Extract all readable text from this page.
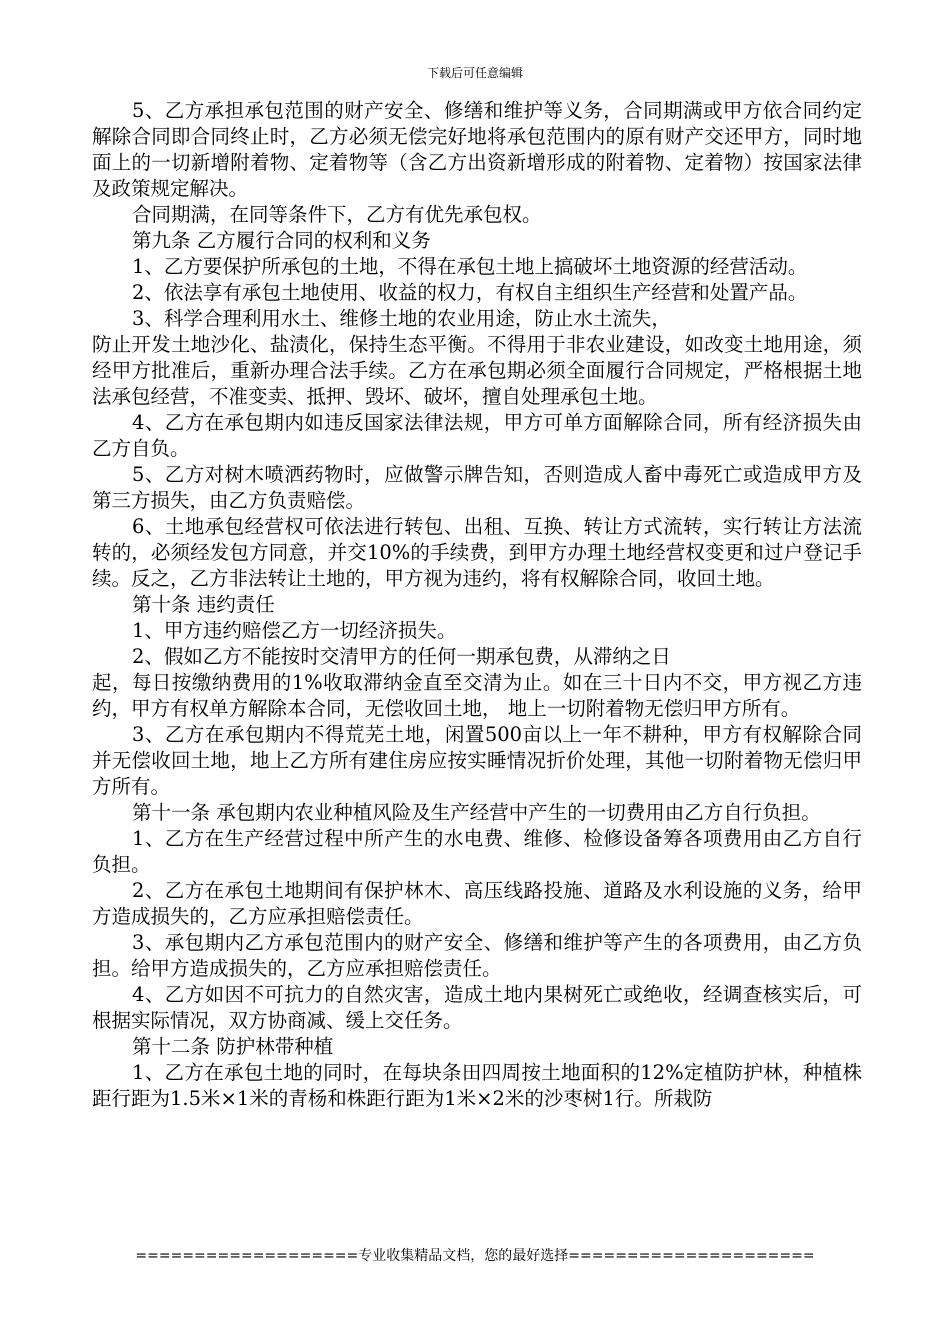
下载后可任意编辑

5、乙方承担承包范围的财产安全、修缮和维护等义务，合同期满或甲方依合同约定解除合同即合同终止时，乙方必须无偿完好地将承包范围内的原有财产交还甲方，同时地面上的一切新增附着物、定着物等（含乙方出资新增形成的附着物、定着物）按国家法律及政策规定解决。

合同期满，在同等条件下，乙方有优先承包权。

第九条 乙方履行合同的权利和义务

1、乙方要保护所承包的土地，不得在承包土地上搞破坏土地资源的经营活动。

2、依法享有承包土地使用、收益的权力，有权自主组织生产经营和处置产品。

3、科学合理利用水土、维修土地的农业用途，防止水土流失，

防止开发土地沙化、盐渍化，保持生态平衡。不得用于非农业建设，如改变土地用途，须经甲方批准后，重新办理合法手续。乙方在承包期必须全面履行合同规定，严格根据土地法承包经营，不准变卖、抵押、毁坏、破坏，擅自处理承包土地。

4、乙方在承包期内如违反国家法律法规，甲方可单方面解除合同，所有经济损失由乙方自负。

5、乙方对树木喷洒药物时，应做警示牌告知，否则造成人畜中毒死亡或造成甲方及第三方损失，由乙方负责赔偿。

6、土地承包经营权可依法进行转包、出租、互换、转让方式流转，实行转让方法流转的，必须经发包方同意，并交10%的手续费，到甲方办理土地经营权变更和过户登记手续。反之，乙方非法转让土地的，甲方视为违约，将有权解除合同，收回土地。

第十条 违约责任

1、甲方违约赔偿乙方一切经济损失。

2、假如乙方不能按时交清甲方的任何一期承包费，从滞纳之日

起，每日按缴纳费用的1%收取滞纳金直至交清为止。如在三十日内不交，甲方视乙方违约，甲方有权单方解除本合同，无偿收回土地， 地上一切附着物无偿归甲方所有。

3、乙方在承包期内不得荒芜土地，闲置500亩以上一年不耕种，甲方有权解除合同并无偿收回土地，地上乙方所有建住房应按实睡情况折价处理，其他一切附着物无偿归甲方所有。

第十一条 承包期内农业种植风险及生产经营中产生的一切费用由乙方自行负担。

1、乙方在生产经营过程中所产生的水电费、维修、检修设备筹各项费用由乙方自行负担。

2、乙方在承包土地期间有保护林木、高压线路投施、道路及水利设施的义务，给甲方造成损失的，乙方应承担赔偿责任。

3、承包期内乙方承包范围内的财产安全、修缮和维护等产生的各项费用，由乙方负担。给甲方造成损失的，乙方应承担赔偿责任。

4、乙方如因不可抗力的自然灾害，造成土地内果树死亡或绝收，经调查核实后，可根据实际情况，双方协商减、缓上交任务。

第十二条 防护林带种植

1、乙方在承包土地的同时，在每块条田四周按土地面积的12%定植防护林，种植株距行距为1.5米×1米的青杨和株距行距为1米×2米的沙枣树1行。所栽防

===================专业收集精品文档，您的最好选择=====================
